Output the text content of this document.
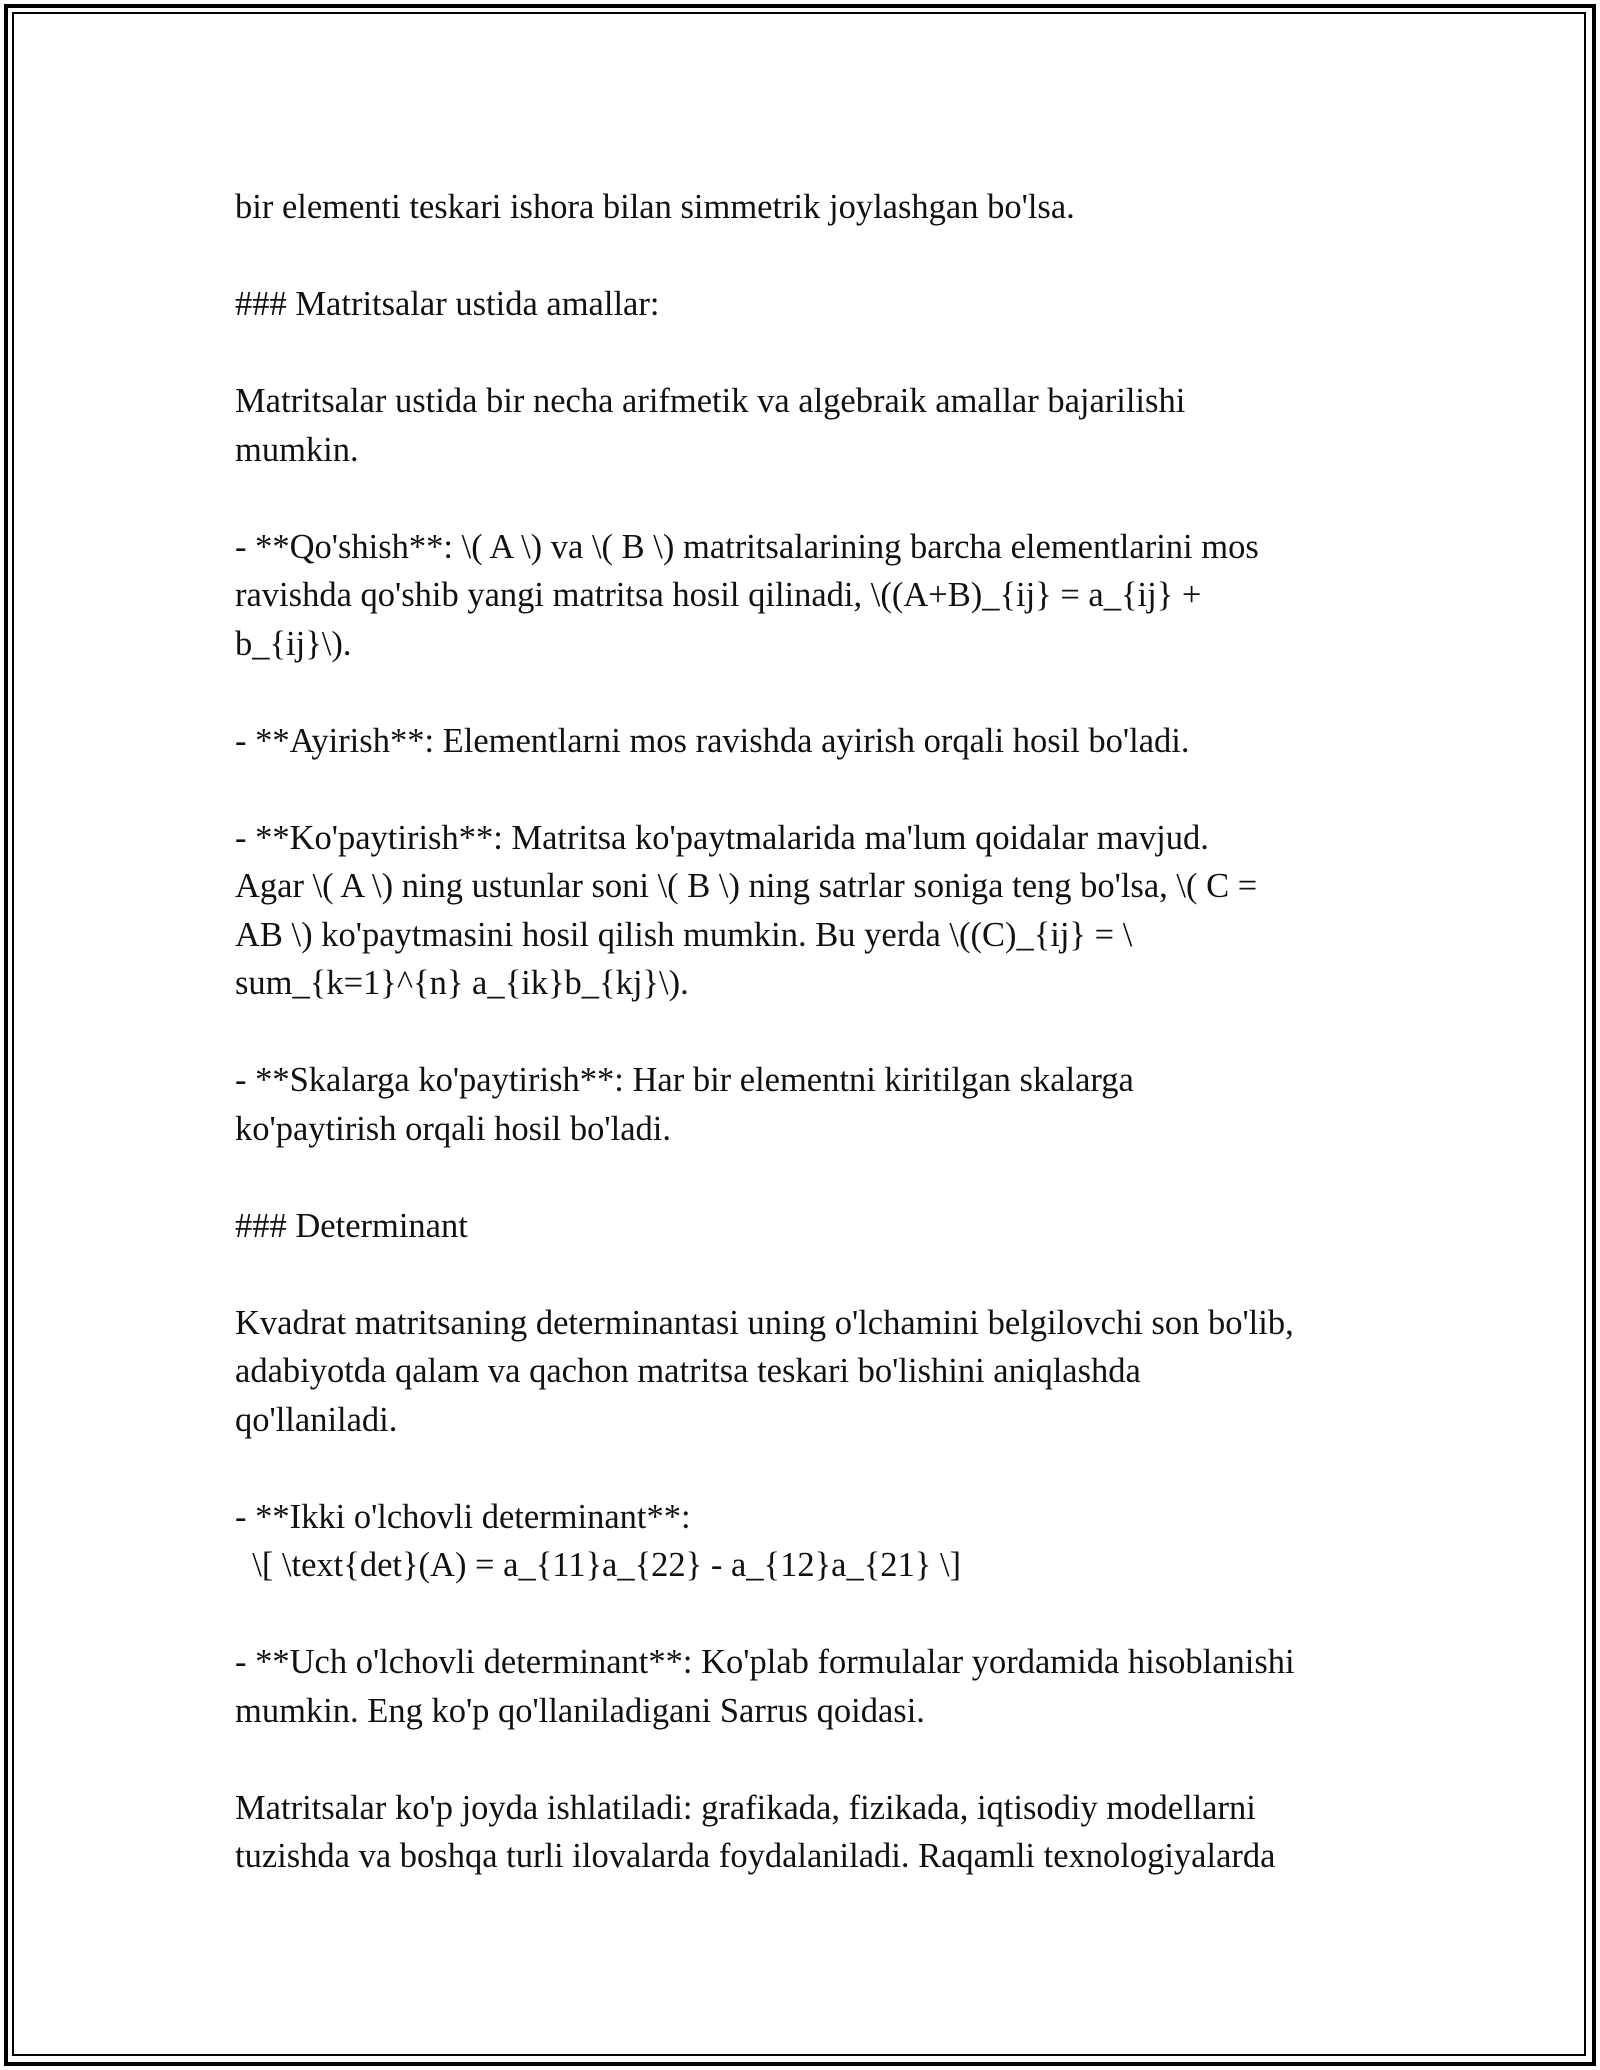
bir elementi teskari ishora bilan simmetrik joylashgan bo'lsa.
### Matritsalar ustida amallar:
Matritsalar ustida bir necha arifmetik va algebraik amallar bajarilishi
mumkin.
- **Qo'shish**: \( A \) va \( B \) matritsalarining barcha elementlarini mos
ravishda qo'shib yangi matritsa hosil qilinadi, \((A+B)_{ij} = a_{ij} +
b_{ij}\).
- **Ayirish**: Elementlarni mos ravishda ayirish orqali hosil bo'ladi.
- **Ko'paytirish**: Matritsa ko'paytmalarida ma'lum qoidalar mavjud.
Agar \( A \) ning ustunlar soni \( B \) ning satrlar soniga teng bo'lsa, \( C =
AB \) ko'paytmasini hosil qilish mumkin. Bu yerda \((C)_{ij} = \
sum_{k=1}^{n} a_{ik}b_{kj}\).
- **Skalarga ko'paytirish**: Har bir elementni kiritilgan skalarga
ko'paytirish orqali hosil bo'ladi.
### Determinant
Kvadrat matritsaning determinantasi uning o'lchamini belgilovchi son bo'lib,
adabiyotda qalam va qachon matritsa teskari bo'lishini aniqlashda
qo'llaniladi.
- **Ikki o'lchovli determinant**:
\[ \text{det}(A) = a_{11}a_{22} - a_{12}a_{21} \]
- **Uch o'lchovli determinant**: Ko'plab formulalar yordamida hisoblanishi
mumkin. Eng ko'p qo'llaniladigani Sarrus qoidasi.
Matritsalar ko'p joyda ishlatiladi: grafikada, fizikada, iqtisodiy modellarni
tuzishda va boshqa turli ilovalarda foydalaniladi. Raqamli texnologiyalarda
